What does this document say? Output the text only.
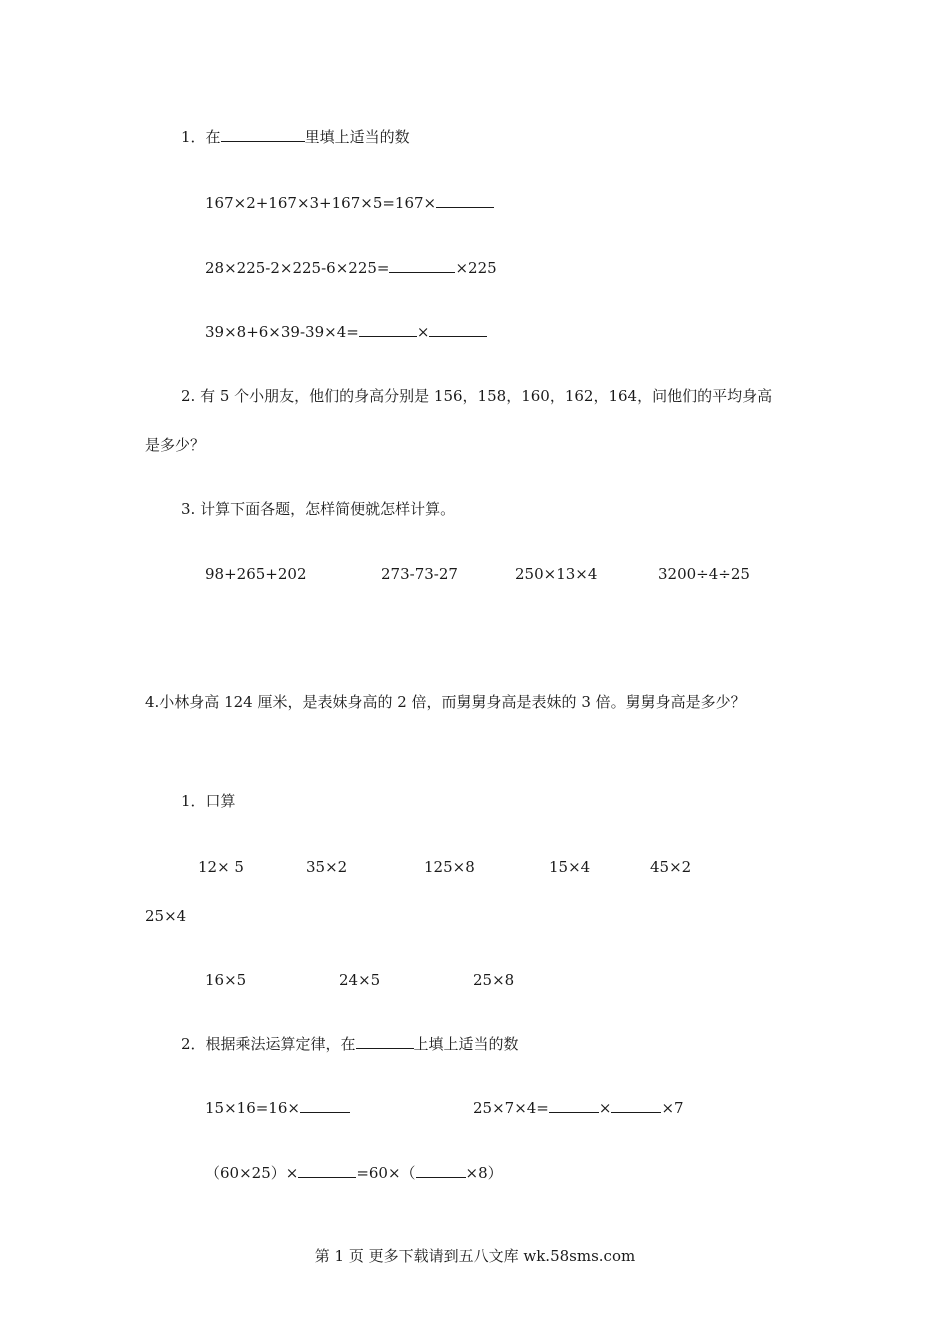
1．在	里填上适当的数
167×2+167×3+167×5=167×
28×225-2×225-6×225=	×225
39×8+6×39-39×4=	×
2. 有 5 个小朋友，他们的身高分别是 156，158，160，162，164，问他们的平均身高
是多少？
3. 计算下面各题，怎样简便就怎样计算。
98+265+202	273-73-27	250×13×4	3200÷4÷25
4.小林身高 124 厘米，是表妹身高的 2 倍，而舅舅身高是表妹的 3 倍。舅舅身高是多少？
1．口算
12× 5	35×2	125×8	15×4	45×2
25×4
16×5	24×5	25×8
2．根据乘法运算定律，在	上填上适当的数
15×16=16×	25×7×4=	×	×7
（60×25）×	=60×（	×8）
第 1 页 更多下载请到五八文库 wk.58sms.com
